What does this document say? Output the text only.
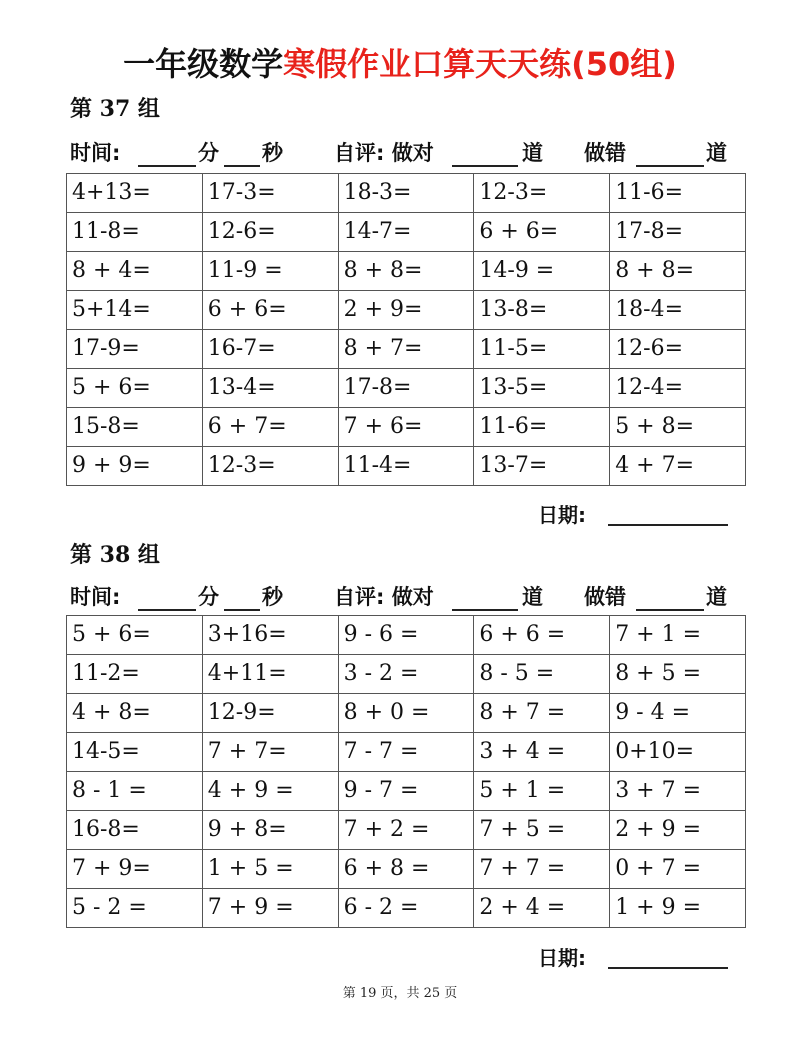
一年级数学寒假作业口算天天练(50组)
第 37 组
时间:	分 秒 自评: 做对	道 做错	道
4+13=	17-3=	18-3=	12-3=	11-6=
11-8=	12-6=	14-7=	6 + 6=	17-8=
8 + 4=	11-9 =	8 + 8=	14-9 =	8 + 8=
5+14=	6 + 6=	2 + 9=	13-8=	18-4=
17-9=	16-7=	8 + 7=	11-5=	12-6=
5 + 6=	13-4=	17-8=	13-5=	12-4=
15-8=	6 + 7=	7 + 6=	11-6=	5 + 8=
9 + 9=	12-3=	11-4=	13-7=	4 + 7=
日期:
第 38 组
时间:	分 秒 自评: 做对	道 做错	道
5 + 6=	3+16=	9 - 6 =	6 + 6 =	7 + 1 =
11-2=	4+11=	3 - 2 =	8 - 5 =	8 + 5 =
4 + 8=	12-9=	8 + 0 =	8 + 7 =	9 - 4 =
14-5=	7 + 7=	7 - 7 =	3 + 4 =	0+10=
8 - 1 =	4 + 9 =	9 - 7 =	5 + 1 =	3 + 7 =
16-8=	9 + 8=	7 + 2 =	7 + 5 =	2 + 9 =
7 + 9=	1 + 5 =	6 + 8 =	7 + 7 =	0 + 7 =
5 - 2 =	7 + 9 =	6 - 2 =	2 + 4 =	1 + 9 =
日期:
第 19 页，共 25 页
